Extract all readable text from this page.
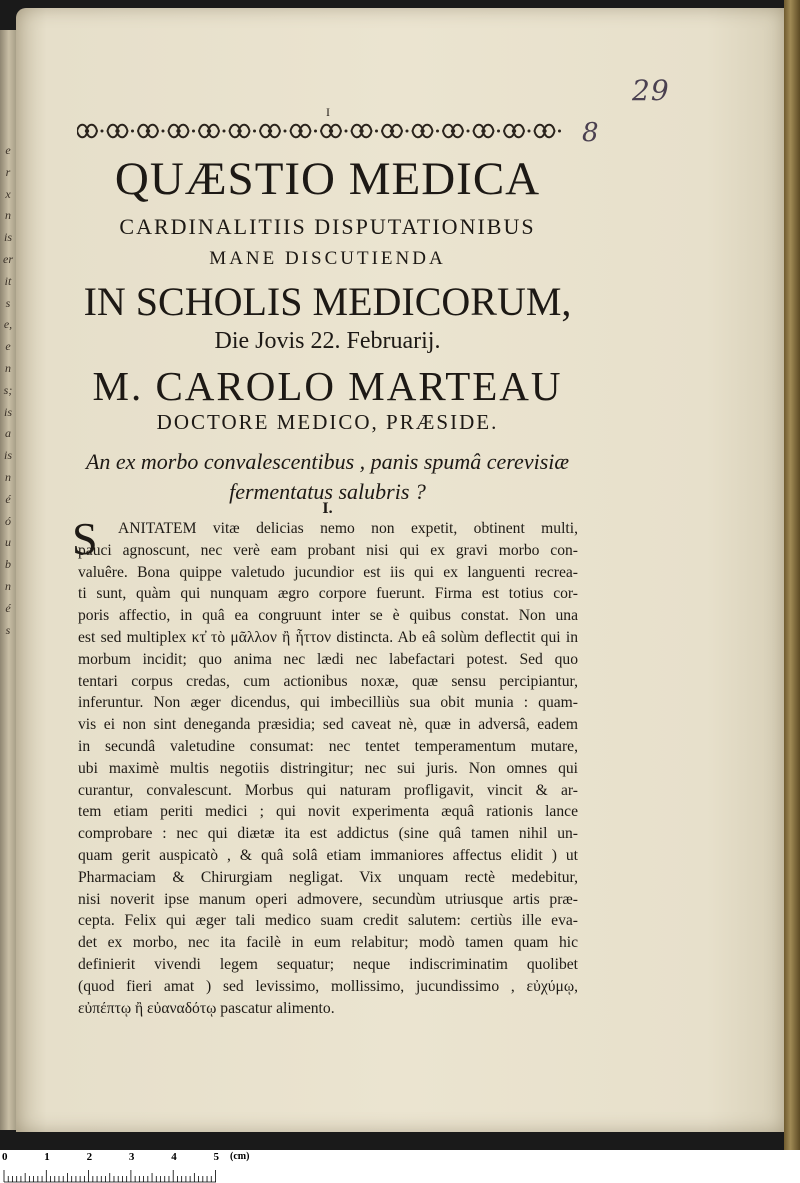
e
r
x
n
is
er
it
s
e,
e
n
s;
is
a
is
n
é
ó
u
b
n
é
s
29
8
I
QUÆSTIO MEDICA
CARDINALITIIS DISPUTATIONIBUS
MANE DISCUTIENDA
IN SCHOLIS MEDICORUM,
Die Jovis 22. Februarij.
M. CAROLO MARTEAU
DOCTORE MEDICO, PRÆSIDE.
An ex morbo convalescentibus , panis spumâ cerevisiæ
fermentatus salubris ?
I.
S	ANITATEM vitæ delicias nemo non expetit, obtinent multi,
pauci agnoscunt, nec verè eam probant nisi qui ex gravi morbo con-
valuêre. Bona quippe valetudo jucundior est iis qui ex languenti recrea-
ti sunt, quàm qui nunquam ægro corpore fuerunt. Firma est totius cor-
poris affectio, in quâ ea congruunt inter se è quibus constat. Non una
est sed multiplex κτ̓ τὸ μᾶλλον ἢ ἧττον distincta. Ab eâ solùm deflectit qui in
morbum incidit; quo anima nec lædi nec labefactari potest. Sed quo
tentari corpus credas, cum actionibus noxæ, quæ sensu percipiantur,
inferuntur. Non æger dicendus, qui imbecilliùs sua obit munia : quam-
vis ei non sint deneganda præsidia; sed caveat nè, quæ in adversâ, eadem
in secundâ valetudine consumat: nec tentet temperamentum mutare,
ubi maximè multis negotiis distringitur; nec sui juris. Non omnes qui
curantur, convalescunt. Morbus qui naturam profligavit, vincit & ar-
tem etiam periti medici ; qui novit experimenta æquâ rationis lance
comprobare : nec qui diætæ ita est addictus (sine quâ tamen nihil un-
quam gerit auspicatò , & quâ solâ etiam immaniores affectus elidit ) ut
Pharmaciam & Chirurgiam negligat. Vix unquam rectè medebitur,
nisi noverit ipse manum operi admovere, secundùm utriusque artis præ-
cepta. Felix qui æger tali medico suam credit salutem: certiùs ille eva-
det ex morbo, nec ita facilè in eum relabitur; modò tamen quam hic
definierit vivendi legem sequatur; neque indiscriminatim quolibet
(quod fieri amat ) sed levissimo, mollissimo, jucundissimo , εὐχύμῳ,
εὐπέπτῳ ἢ εὐαναδότῳ pascatur alimento.
(cm)
0	1	2	3	4	5
